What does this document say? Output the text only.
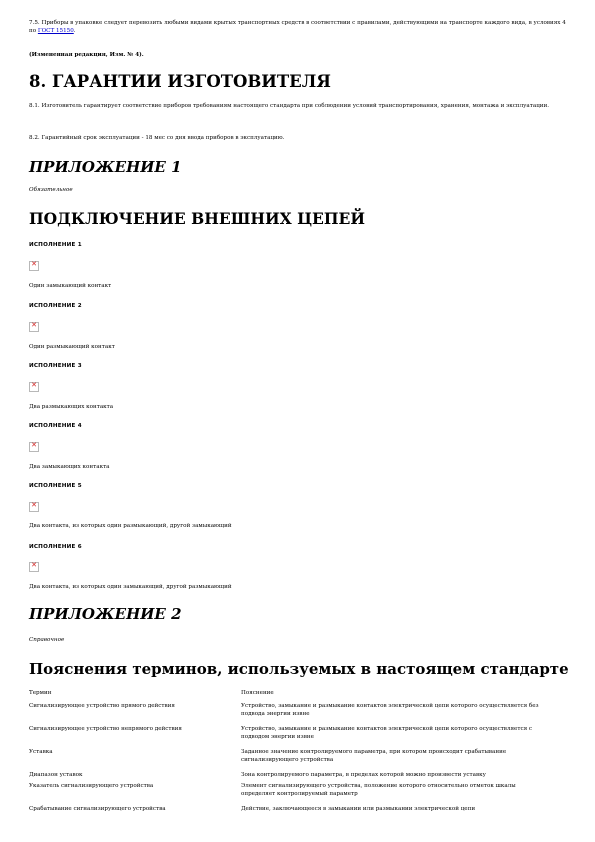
7.5. Приборы в упаковке следует перевозить любыми видами крытых транспортных средств в соответствии с правилами, действующими на транспорте каждого вида, в условиях 4 по ГОСТ 15150.

(Измененная редакция, Изм. № 4).

8. ГАРАНТИИ ИЗГОТОВИТЕЛЯ

8.1. Изготовитель гарантирует соответствие приборов требованиям настоящего стандарта при соблюдении условий транспортирования, хранения, монтажа и эксплуатации.

8.2. Гарантийный срок эксплуатации - 18 мес со дня ввода приборов в эксплуатацию.

ПРИЛОЖЕНИЕ 1

Обязательное

ПОДКЛЮЧЕНИЕ ВНЕШНИХ ЦЕПЕЙ

ИСПОЛНЕНИЕ 1

✕

Один замыкающий контакт

ИСПОЛНЕНИЕ 2

✕

Один размыкающий контакт

ИСПОЛНЕНИЕ 3

✕

Два размыкающих контакта

ИСПОЛНЕНИЕ 4

✕

Два замыкающих контакта

ИСПОЛНЕНИЕ 5

✕

Два контакта, из которых один размыкающий, другой замыкающий

ИСПОЛНЕНИЕ 6

✕

Два контакта, из которых один замыкающий, другой размыкающий

ПРИЛОЖЕНИЕ 2

Справочное

Пояснения терминов, используемых в настоящем стандарте
Термин	Пояснение
Сигнализирующее устройство прямого действия	Устройство, замыкание и размыкание контактов электрической цепи которого осуществляется без подвода энергии извне
Сигнализирующее устройство непрямого действия	Устройство, замыкание и размыкание контактов электрической цепи которого осуществляется с подводом энергии извне
Уставка	Заданное значение контролируемого параметра, при котором происходит срабатывание сигнализирующего устройства
Диапазон уставок	Зона контролируемого параметра, в пределах которой можно произвести уставку
Указатель сигнализирующего устройства	Элемент сигнализирующего устройства, положение которого относительно отметок шкалы определяет контролируемый параметр
Срабатывание сигнализирующего устройства	Действие, заключающееся в замыкании или размыкании электрической цепи
